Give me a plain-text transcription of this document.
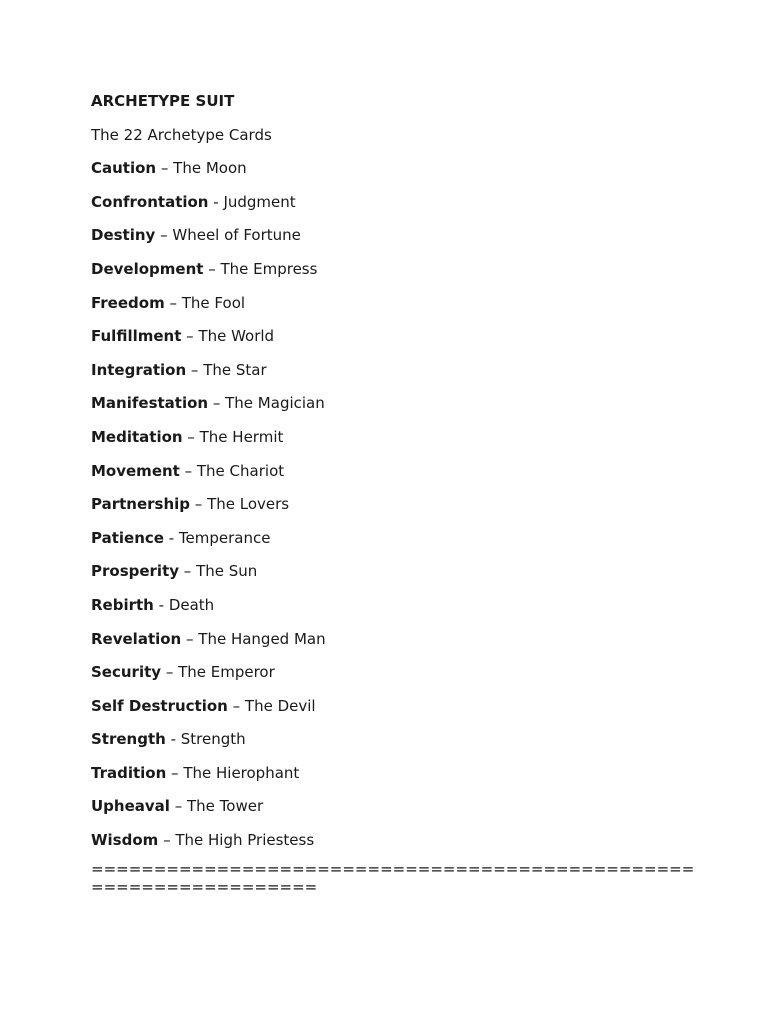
ARCHETYPE SUIT
The 22 Archetype Cards
Caution – The Moon
Confrontation - Judgment
Destiny – Wheel of Fortune
Development – The Empress
Freedom – The Fool
Fulfillment – The World
Integration – The Star
Manifestation – The Magician
Meditation – The Hermit
Movement – The Chariot
Partnership – The Lovers
Patience - Temperance
Prosperity – The Sun
Rebirth - Death
Revelation – The Hanged Man
Security – The Emperor
Self Destruction – The Devil
Strength - Strength
Tradition – The Hierophant
Upheaval – The Tower
Wisdom – The High Priestess
================================================
==================
